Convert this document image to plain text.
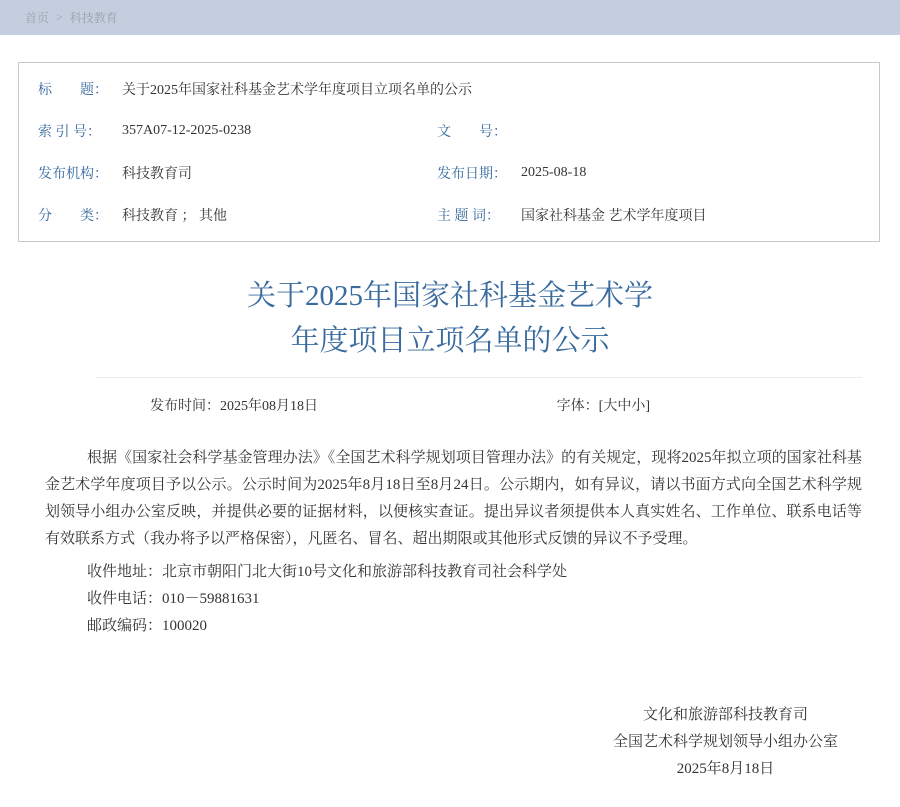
首页 > 科技教育
标　　题：	关于2025年国家社科基金艺术学年度项目立项名单的公示
索 引 号：	357A07-12-2025-0238	文　　号：
发布机构：	科技教育司	发布日期：	2025-08-18
分　　类：	科技教育 ； 其他	主 题 词：	国家社科基金 艺术学年度项目
关于2025年国家社科基金艺术学
年度项目立项名单的公示
发布时间：2025年08月18日	字体：[大中小]

根据《国家社会科学基金管理办法》《全国艺术科学规划项目管理办法》的有关规定，现将2025年拟立项的国家社科基金艺术学年度项目予以公示。公示时间为2025年8月18日至8月24日。公示期内，如有异议，请以书面方式向全国艺术科学规划领导小组办公室反映，并提供必要的证据材料，以便核实查证。提出异议者须提供本人真实姓名、工作单位、联系电话等有效联系方式（我办将予以严格保密），凡匿名、冒名、超出期限或其他形式反馈的异议不予受理。

收件地址：北京市朝阳门北大街10号文化和旅游部科技教育司社会科学处
收件电话：010－59881631
邮政编码：100020
文化和旅游部科技教育司
全国艺术科学规划领导小组办公室
2025年8月18日
